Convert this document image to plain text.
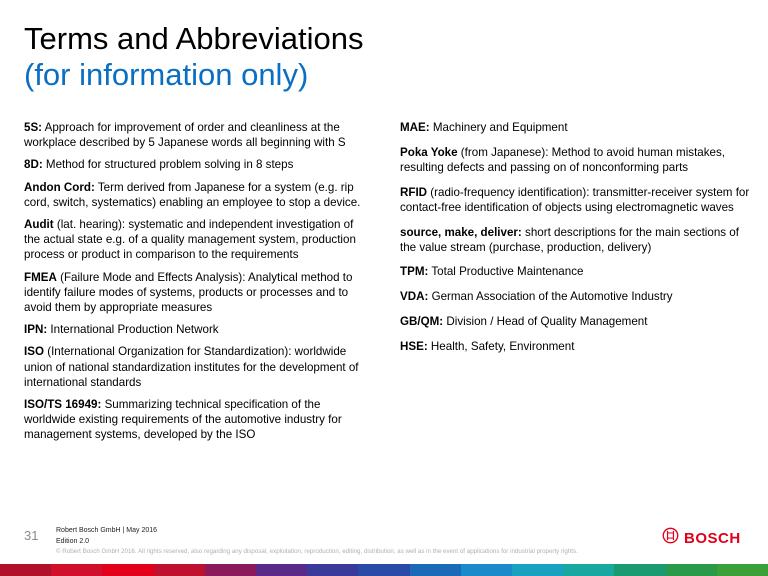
Terms and Abbreviations
(for information only)

5S: Approach for improvement of order and cleanliness at the workplace described by 5 Japanese words all beginning with S

8D: Method for structured problem solving in 8 steps

Andon Cord: Term derived from Japanese for a system (e.g. rip cord, switch, systematics) enabling an employee to stop a device.

Audit (lat. hearing): systematic and independent investigation of the actual state e.g. of a quality management system, production process or product in comparison to the requirements

FMEA (Failure Mode and Effects Analysis): Analytical method to identify failure modes of systems, products or processes and to avoid them by appropriate measures

IPN: International Production Network

ISO (International Organization for Standardization): worldwide union of national standardization institutes for the development of international standards

ISO/TS 16949: Summarizing technical specification of the worldwide existing requirements of the automotive industry for management systems, developed by the ISO

MAE: Machinery and Equipment

Poka Yoke (from Japanese): Method to avoid human mistakes, resulting defects and passing on of nonconforming parts

RFID (radio-frequency identification): transmitter-receiver system for contact-free identification of objects using electromagnetic waves

source, make, deliver: short descriptions for the main sections of the value stream (purchase, production, delivery)

TPM: Total Productive Maintenance

VDA: German Association of the Automotive Industry

GB/QM: Division / Head of Quality Management

HSE: Health, Safety, Environment

31	Robert Bosch GmbH | May 2016
Edition 2.0
© Robert Bosch GmbH 2016. All rights reserved, also regarding any disposal, exploitation, reproduction, editing, distribution, as well as in the event of applications for industrial property rights.
BOSCH
